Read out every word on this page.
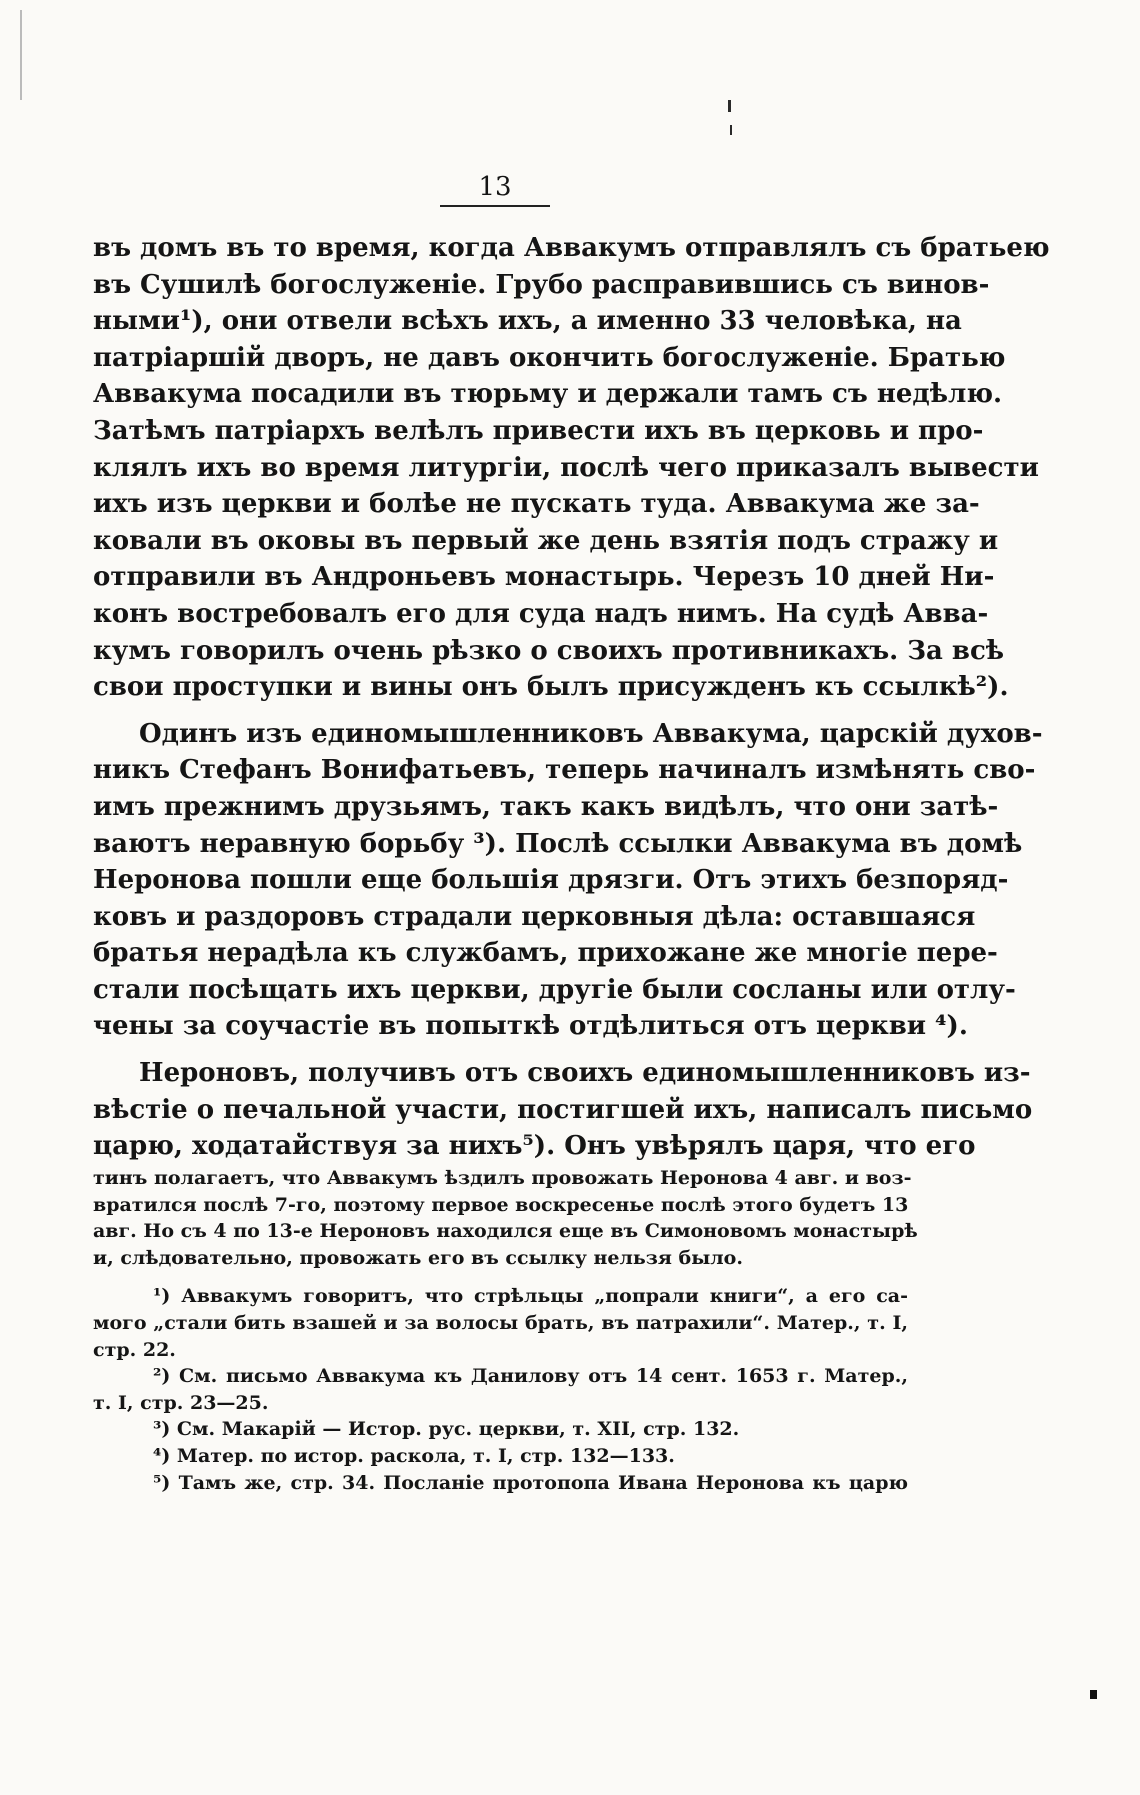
13
въ домъ въ то время, когда Аввакумъ отправлялъ съ братьею
въ Сушилѣ богослуженіе. Грубо расправившись съ винов-
ными¹), они отвели всѣхъ ихъ, а именно 33 человѣка, на
патріаршій дворъ, не давъ окончить богослуженіе. Братью
Аввакума посадили въ тюрьму и держали тамъ съ недѣлю.
Затѣмъ патріархъ велѣлъ привести ихъ въ церковь и про-
клялъ ихъ во время литургіи, послѣ чего приказалъ вывести
ихъ изъ церкви и болѣе не пускать туда. Аввакума же за-
ковали въ оковы въ первый же день взятія подъ стражу и
отправили въ Андроньевъ монастырь. Черезъ 10 дней Ни-
конъ востребовалъ его для суда надъ нимъ. На судѣ Авва-
кумъ говорилъ очень рѣзко о своихъ противникахъ. За всѣ
свои проступки и вины онъ былъ присужденъ къ ссылкѣ²).
Одинъ изъ единомышленниковъ Аввакума, царскій духов-
никъ Стефанъ Вонифатьевъ, теперь начиналъ измѣнять сво-
имъ прежнимъ друзьямъ, такъ какъ видѣлъ, что они затѣ-
ваютъ неравную борьбу ³). Послѣ ссылки Аввакума въ домѣ
Неронова пошли еще большія дрязги. Отъ этихъ безпоряд-
ковъ и раздоровъ страдали церковныя дѣла: оставшаяся
братья нерадѣла къ службамъ, прихожане же многіе пере-
стали посѣщать ихъ церкви, другіе были сосланы или отлу-
чены за соучастіе въ попыткѣ отдѣлиться отъ церкви ⁴).
Нероновъ, получивъ отъ своихъ единомышленниковъ из-
вѣстіе о печальной участи, постигшей ихъ, написалъ письмо
царю, ходатайствуя за нихъ⁵). Онъ увѣрялъ царя, что его
тинъ полагаетъ, что Аввакумъ ѣздилъ провожать Неронова 4 авг. и воз-
вратился послѣ 7-го, поэтому первое воскресенье послѣ этого будетъ 13
авг. Но съ 4 по 13-е Нероновъ находился еще въ Симоновомъ монастырѣ
и, слѣдовательно, провожать его въ ссылку нельзя было.
¹) Аввакумъ говоритъ, что стрѣльцы „попрали книги“, а его са-
мого „стали бить взашей и за волосы брать, въ патрахили“. Матер., т. I,
стр. 22.
²) См. письмо Аввакума къ Данилову отъ 14 сент. 1653 г. Матер.,
т. I, стр. 23—25.
³) См. Макарій — Истор. рус. церкви, т. XII, стр. 132.
⁴) Матер. по истор. раскола, т. I, стр. 132—133.
⁵) Тамъ же, стр. 34. Посланіе протопопа Ивана Неронова къ царю
